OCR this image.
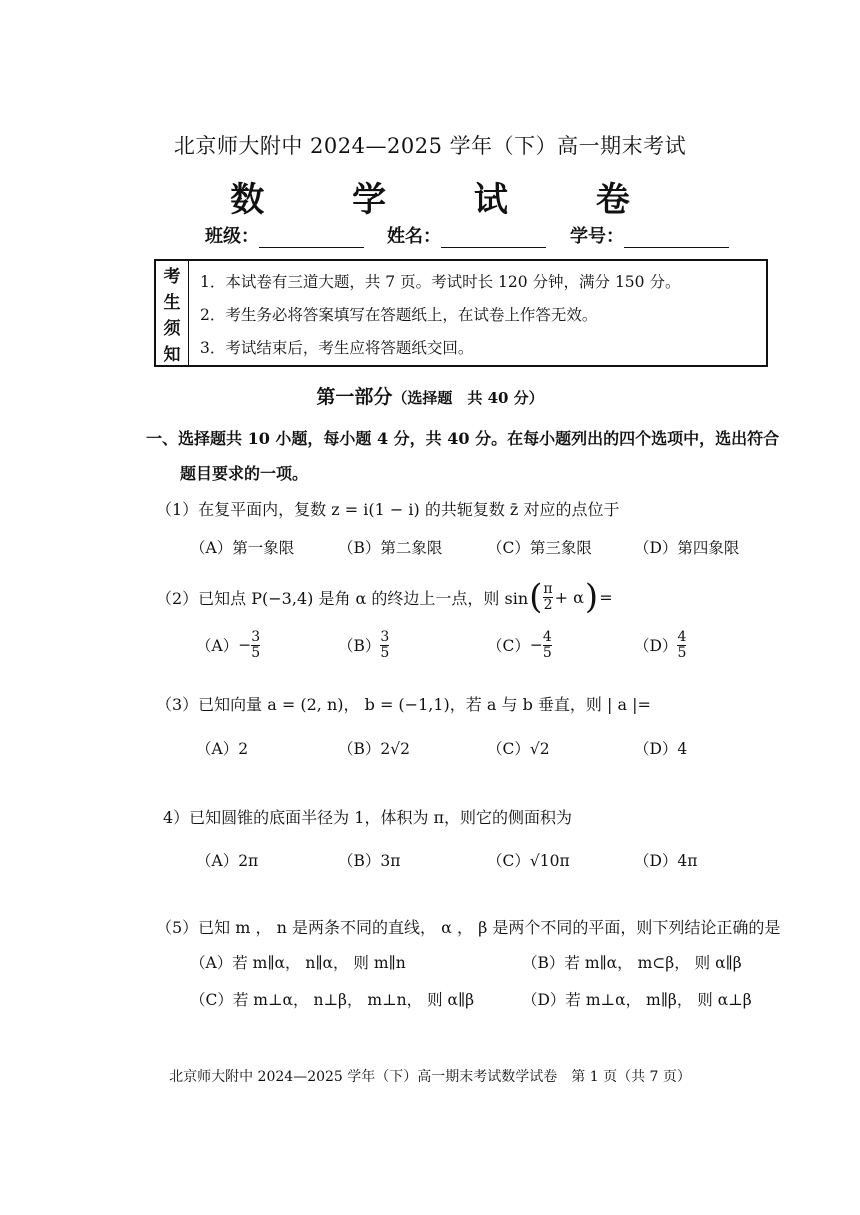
北京师大附中 2024—2025 学年（下）高一期末考试
数 学 试 卷
班级：	姓名：	学号：
考
生
须
知
1．本试卷有三道大题，共 7 页。考试时长 120 分钟，满分 150 分。
2．考生务必将答案填写在答题纸上，在试卷上作答无效。
3．考试结束后，考生应将答题纸交回。
第一部分（选择题　共 40 分）
一、选择题共 10 小题，每小题 4 分，共 40 分。在每小题列出的四个选项中，选出符合
题目要求的一项。
（1）在复平面内，复数 z = i(1 − i) 的共轭复数 z̄ 对应的点位于
（A）第一象限	（B）第二象限	（C）第三象限	（D）第四象限
（2）已知点 P(−3,4) 是角 α 的终边上一点，则 sin ( $\frac{\pi}{2} + \alpha$ ) =
$(A) - \frac{3}{5}$	$(B) \frac{3}{5}$	$(C) - \frac{4}{5}$	$(D) \frac{4}{5}$
（3）已知向量 a = (2, n)， b = (−1,1)，若 a 与 b 垂直，则 | a |=
（A）2	（B）2√2	（C）√2	（D）4
4）已知圆锥的底面半径为 1，体积为 π，则它的侧面积为
（A）2π	（B）3π	（C）√10π	（D）4π
（5）已知 m ， n 是两条不同的直线， α ， β 是两个不同的平面，则下列结论正确的是
（A）若 m∥α， n∥α， 则 m∥n	（B）若 m∥α， m⊂β， 则 α∥β
（C）若 m⊥α， n⊥β， m⊥n， 则 α∥β	（D）若 m⊥α， m∥β， 则 α⊥β
北京师大附中 2024—2025 学年（下）高一期末考试数学试卷　第 1 页（共 7 页）
